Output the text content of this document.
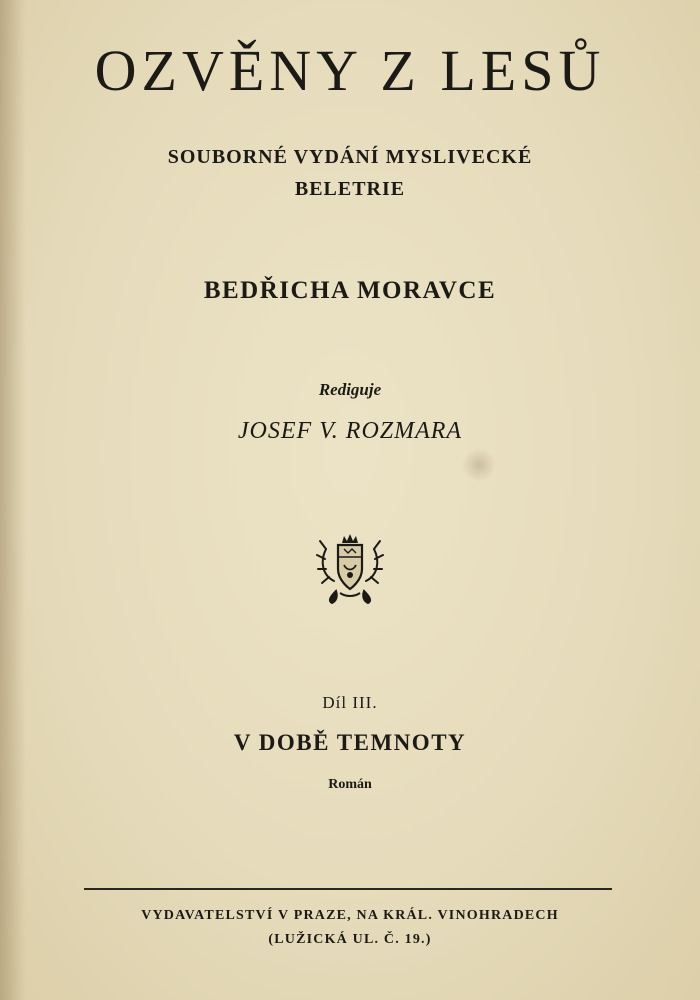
OZVĚNY Z LESŮ
SOUBORNÉ VYDÁNÍ MYSLIVECKÉ
BELETRIE
BEDŘICHA MORAVCE
Rediguje
JOSEF V. ROZMARA
Díl III.
V DOBĚ TEMNOTY
Román
VYDAVATELSTVÍ V PRAZE, NA KRÁL. VINOHRADECH
(LUŽICKÁ UL. Č. 19.)
